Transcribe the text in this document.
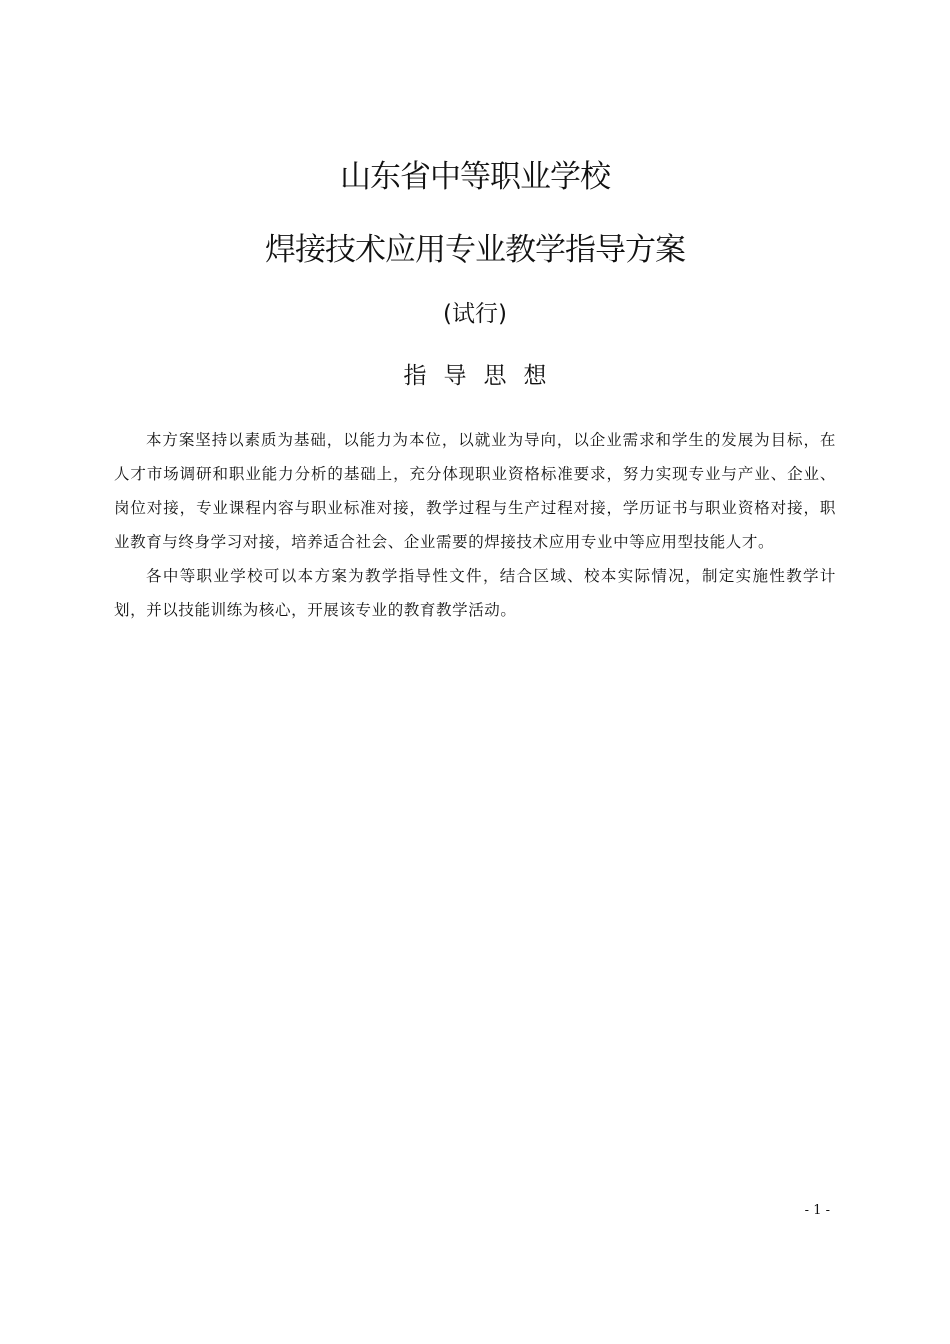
山东省中等职业学校
焊接技术应用专业教学指导方案
(试行)
指导思想

本方案坚持以素质为基础，以能力为本位，以就业为导向，以企业需求和学生的发展为目标，在人才市场调研和职业能力分析的基础上，充分体现职业资格标准要求，努力实现专业与产业、企业、岗位对接，专业课程内容与职业标准对接，教学过程与生产过程对接，学历证书与职业资格对接，职业教育与终身学习对接，培养适合社会、企业需要的焊接技术应用专业中等应用型技能人才。

各中等职业学校可以本方案为教学指导性文件，结合区域、校本实际情况，制定实施性教学计划，并以技能训练为核心，开展该专业的教育教学活动。

- 1 -
